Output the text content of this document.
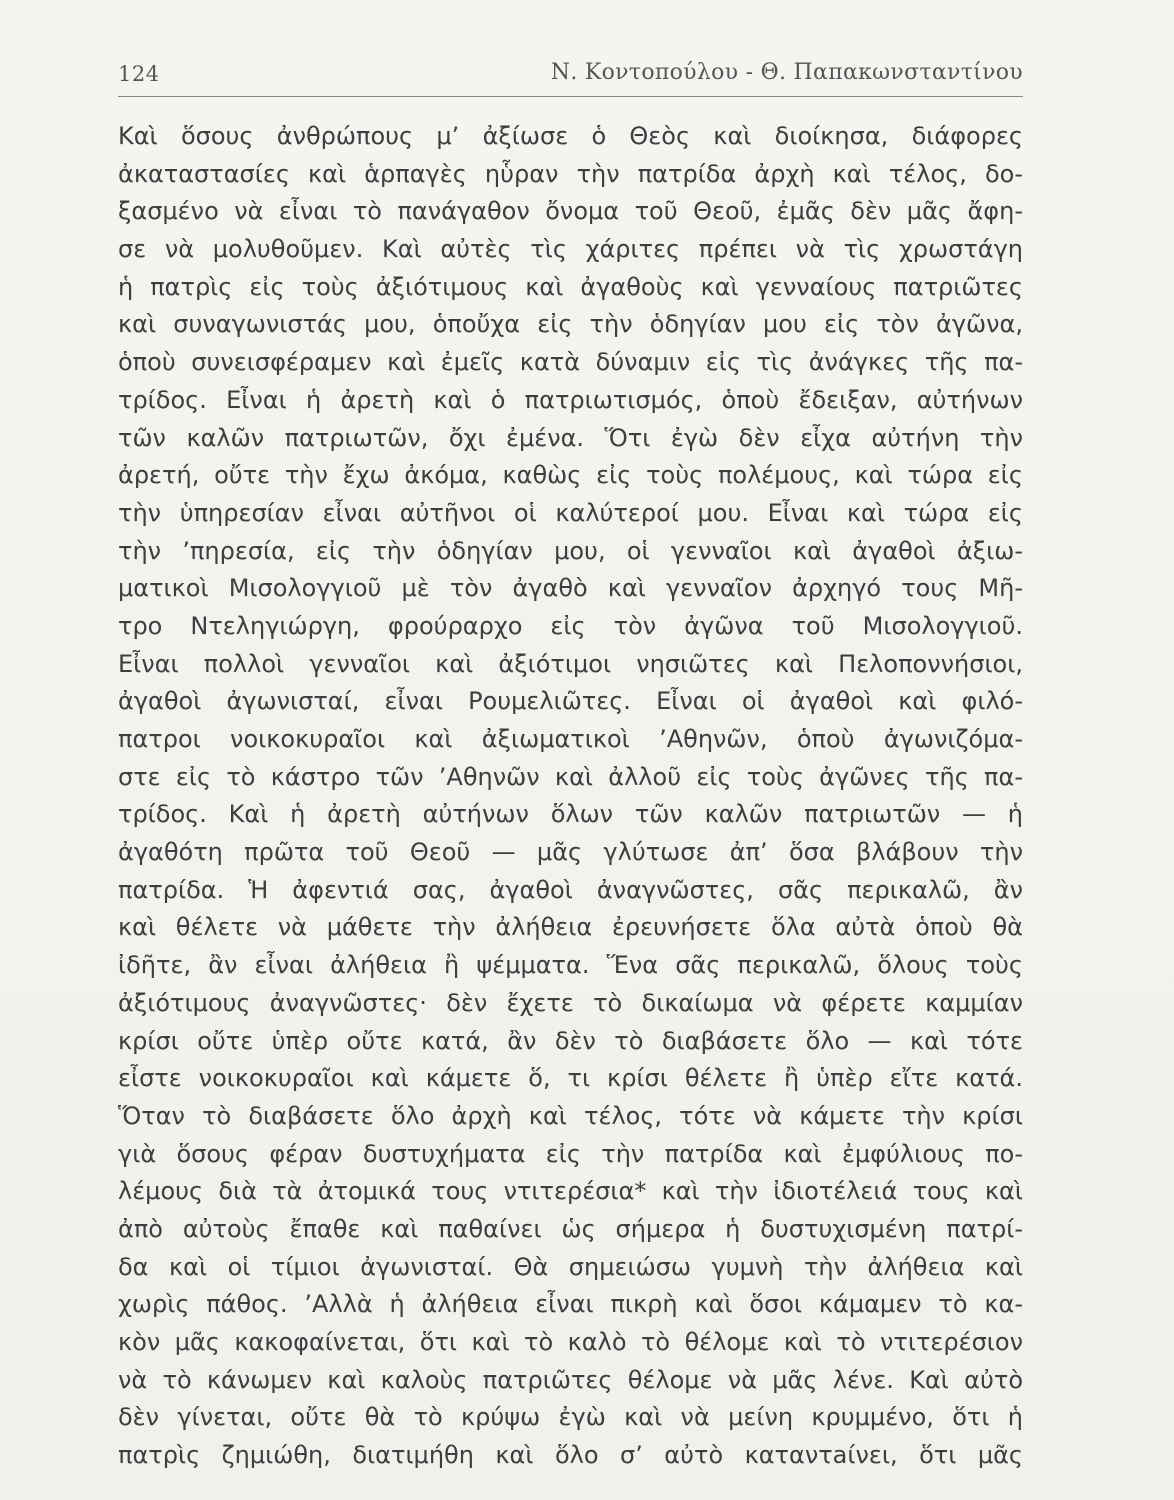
124	Ν. Κοντοπούλου - Θ. Παπακωνσταντίνου
Καὶ ὅσους ἀνθρώπους μ’ ἀξίωσε ὁ Θεὸς καὶ διοίκησα, διάφορες
ἀκαταστασίες καὶ ἁρπαγὲς ηὗραν τὴν πατρίδα ἀρχὴ καὶ τέλος, δο-
ξασμένο νὰ εἶναι τὸ πανάγαθον ὄνομα τοῦ Θεοῦ, ἐμᾶς δὲν μᾶς ἄφη-
σε νὰ μολυθοῦμεν. Καὶ αὐτὲς τὶς χάριτες πρέπει νὰ τὶς χρωστάγη
ἡ πατρὶς εἰς τοὺς ἀξιότιμους καὶ ἀγαθοὺς καὶ γενναίους πατριῶτες
καὶ συναγωνιστάς μου, ὁποὔχα εἰς τὴν ὁδηγίαν μου εἰς τὸν ἀγῶνα,
ὁποὺ συνεισφέραμεν καὶ ἐμεῖς κατὰ δύναμιν εἰς τὶς ἀνάγκες τῆς πα-
τρίδος. Εἶναι ἡ ἀρετὴ καὶ ὁ πατριωτισμός, ὁποὺ ἔδειξαν, αὐτήνων
τῶν καλῶν πατριωτῶν, ὄχι ἐμένα. Ὅτι ἐγὼ δὲν εἶχα αὐτήνη τὴν
ἀρετή, οὔτε τὴν ἔχω ἀκόμα, καθὼς εἰς τοὺς πολέμους, καὶ τώρα εἰς
τὴν ὑπηρεσίαν εἶναι αὐτῆνοι οἱ καλύτεροί μου. Εἶναι καὶ τώρα εἰς
τὴν ’πηρεσία, εἰς τὴν ὁδηγίαν μου, οἱ γενναῖοι καὶ ἀγαθοὶ ἀξιω-
ματικοὶ Μισολογγιοῦ μὲ τὸν ἀγαθὸ καὶ γενναῖον ἀρχηγό τους Μῆ-
τρο Ντεληγιώργη, φρούραρχο εἰς τὸν ἀγῶνα τοῦ Μισολογγιοῦ.
Εἶναι πολλοὶ γενναῖοι καὶ ἀξιότιμοι νησιῶτες καὶ Πελοποννήσιοι,
ἀγαθοὶ ἀγωνισταί, εἶναι Ρουμελιῶτες. Εἶναι οἱ ἀγαθοὶ καὶ φιλό-
πατροι νοικοκυραῖοι καὶ ἀξιωματικοὶ ’Αθηνῶν, ὁποὺ ἀγωνιζόμα-
στε εἰς τὸ κάστρο τῶν ’Αθηνῶν καὶ ἀλλοῦ εἰς τοὺς ἀγῶνες τῆς πα-
τρίδος. Καὶ ἡ ἀρετὴ αὐτήνων ὅλων τῶν καλῶν πατριωτῶν — ἡ
ἀγαθότη πρῶτα τοῦ Θεοῦ — μᾶς γλύτωσε ἀπ’ ὅσα βλάβουν τὴν
πατρίδα. Ἡ ἀφεντιά σας, ἀγαθοὶ ἀναγνῶστες, σᾶς περικαλῶ, ἂν
καὶ θέλετε νὰ μάθετε τὴν ἀλήθεια ἐρευνήσετε ὅλα αὐτὰ ὁποὺ θὰ
ἰδῆτε, ἂν εἶναι ἀλήθεια ἢ ψέμματα. Ἕνα σᾶς περικαλῶ, ὅλους τοὺς
ἀξιότιμους ἀναγνῶστες· δὲν ἔχετε τὸ δικαίωμα νὰ φέρετε καμμίαν
κρίσι οὔτε ὑπὲρ οὔτε κατά, ἂν δὲν τὸ διαβάσετε ὅλο — καὶ τότε
εἶστε νοικοκυραῖοι καὶ κάμετε ὅ, τι κρίσι θέλετε ἢ ὑπὲρ εἴτε κατά.
Ὅταν τὸ διαβάσετε ὅλο ἀρχὴ καὶ τέλος, τότε νὰ κάμετε τὴν κρίσι
γιὰ ὅσους φέραν δυστυχήματα εἰς τὴν πατρίδα καὶ ἐμφύλιους πο-
λέμους διὰ τὰ ἀτομικά τους ντιτερέσια* καὶ τὴν ἰδιοτέλειά τους καὶ
ἀπὸ αὐτοὺς ἔπαθε καὶ παθαίνει ὡς σήμερα ἡ δυστυχισμένη πατρί-
δα καὶ οἱ τίμιοι ἀγωνισταί. Θὰ σημειώσω γυμνὴ τὴν ἀλήθεια καὶ
χωρὶς πάθος. ’Αλλὰ ἡ ἀλήθεια εἶναι πικρὴ καὶ ὅσοι κάμαμεν τὸ κα-
κὸν μᾶς κακοφαίνεται, ὅτι καὶ τὸ καλὸ τὸ θέλομε καὶ τὸ ντιτερέσιον
νὰ τὸ κάνωμεν καὶ καλοὺς πατριῶτες θέλομε νὰ μᾶς λένε. Καὶ αὐτὸ
δὲν γίνεται, οὔτε θὰ τὸ κρύψω ἐγὼ καὶ νὰ μείνη κρυμμένο, ὅτι ἡ
πατρὶς ζημιώθη, διατιμήθη καὶ ὅλο σ’ αὐτὸ καταντaίνει, ὅτι μᾶς
